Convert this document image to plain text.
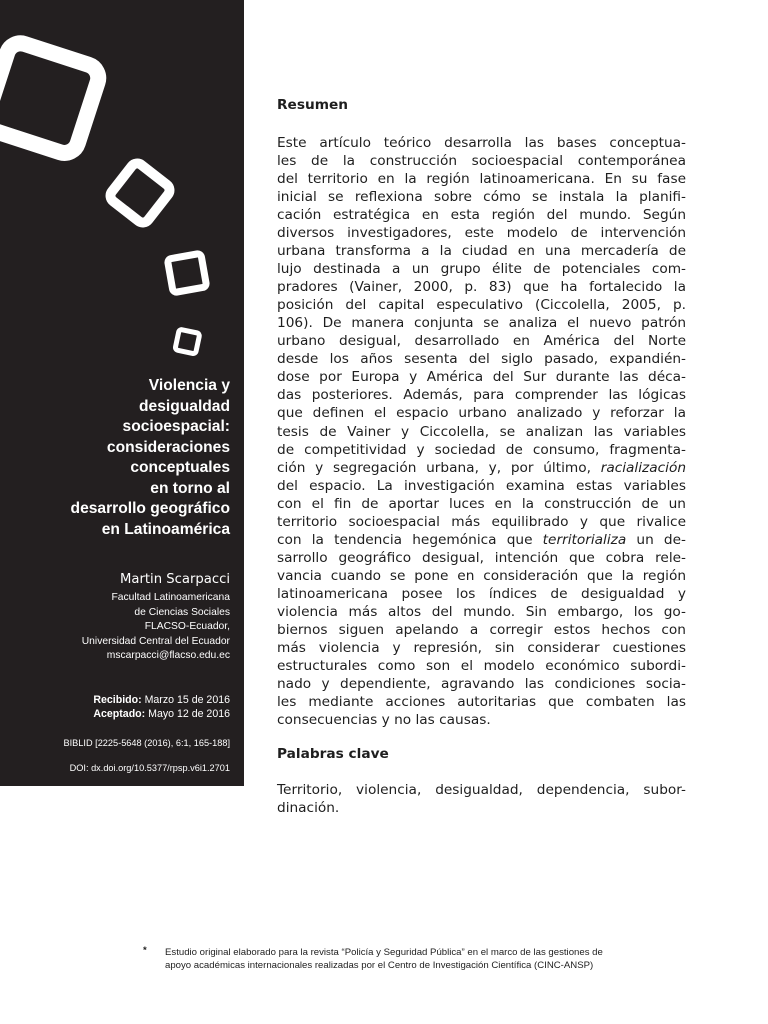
Violencia y
desigualdad
socioespacial:
consideraciones
conceptuales
en torno al
desarrollo geográfico
en Latinoamérica
Martin Scarpacci
Facultad Latinoamericana
de Ciencias Sociales
FLACSO-Ecuador,
Universidad Central del Ecuador
mscarpacci@flacso.edu.ec
Recibido: Marzo 15 de 2016
Aceptado: Mayo 12 de 2016
BIBLID [2225-5648 (2016), 6:1, 165-188]
DOI: dx.doi.org/10.5377/rpsp.v6i1.2701
Resumen

Este artículo teórico desarrolla las bases conceptua-
les de la construcción socioespacial contemporánea
del territorio en la región latinoamericana. En su fase
inicial se reflexiona sobre cómo se instala la planifi-
cación estratégica en esta región del mundo. Según
diversos investigadores, este modelo de intervención
urbana transforma a la ciudad en una mercadería de
lujo destinada a un grupo élite de potenciales com-
pradores (Vainer, 2000, p. 83) que ha fortalecido la
posición del capital especulativo (Ciccolella, 2005, p.
106). De manera conjunta se analiza el nuevo patrón
urbano desigual, desarrollado en América del Norte
desde los años sesenta del siglo pasado, expandién-
dose por Europa y América del Sur durante las déca-
das posteriores. Además, para comprender las lógicas
que definen el espacio urbano analizado y reforzar la
tesis de Vainer y Ciccolella, se analizan las variables
de competitividad y sociedad de consumo, fragmenta-
ción y segregación urbana, y, por último, racialización
del espacio. La investigación examina estas variables
con el fin de aportar luces en la construcción de un
territorio socioespacial más equilibrado y que rivalice
con la tendencia hegemónica que territorializa un de-
sarrollo geográfico desigual, intención que cobra rele-
vancia cuando se pone en consideración que la región
latinoamericana posee los índices de desigualdad y
violencia más altos del mundo. Sin embargo, los go-
biernos siguen apelando a corregir estos hechos con
más violencia y represión, sin considerar cuestiones
estructurales como son el modelo económico subordi-
nado y dependiente, agravando las condiciones socia-
les mediante acciones autoritarias que combaten las
consecuencias y no las causas.

Palabras clave

Territorio, violencia, desigualdad, dependencia, subor-
dinación.

* Estudio original elaborado para la revista “Policía y Seguridad Pública” en el marco de las gestiones de
apoyo académicas internacionales realizadas por el Centro de Investigación Científica (CINC-ANSP)
